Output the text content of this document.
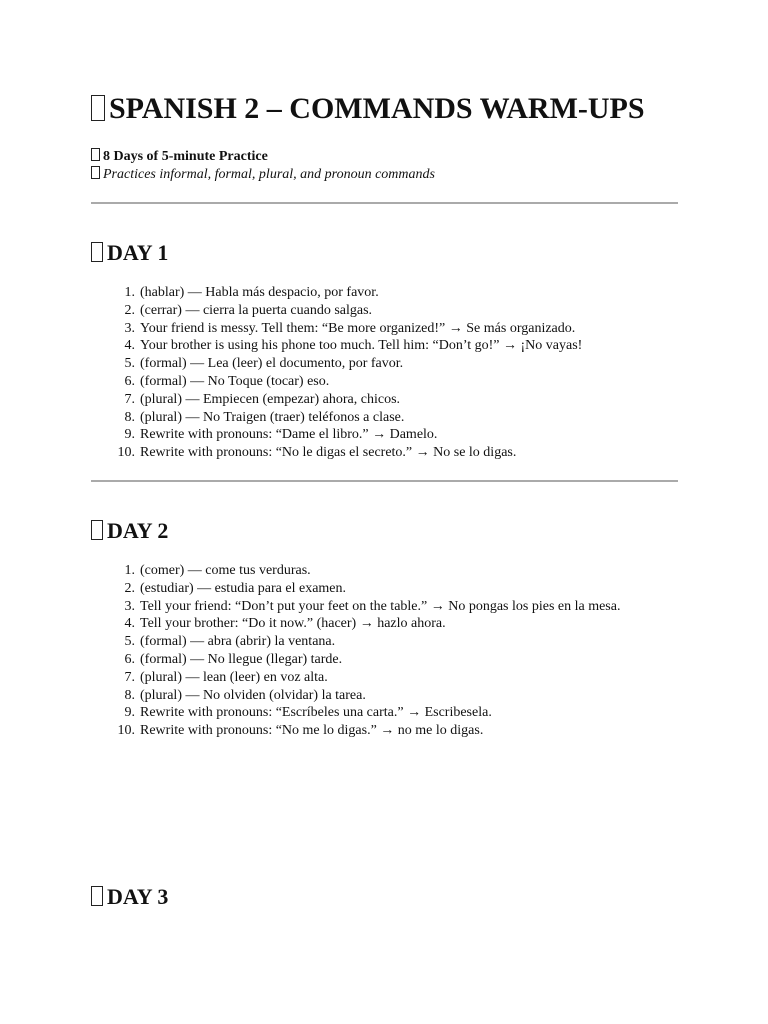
SPANISH 2 – COMMANDS WARM-UPS
8 Days of 5-minute Practice
Practices informal, formal, plural, and pronoun commands
DAY 1
1. (hablar) — Habla más despacio, por favor.
2. (cerrar) — cierra la puerta cuando salgas.
3. Your friend is messy. Tell them: “Be more organized!” → Se más organizado.
4. Your brother is using his phone too much. Tell him: “Don’t go!” → ¡No vayas!
5. (formal) — Lea (leer) el documento, por favor.
6. (formal) — No Toque (tocar) eso.
7. (plural) — Empiecen (empezar) ahora, chicos.
8. (plural) — No Traigen (traer) teléfonos a clase.
9. Rewrite with pronouns: “Dame el libro.” → Damelo.
10. Rewrite with pronouns: “No le digas el secreto.” → No se lo digas.
DAY 2
1. (comer) — come tus verduras.
2. (estudiar) — estudia para el examen.
3. Tell your friend: “Don’t put your feet on the table.” → No pongas los pies en la mesa.
4. Tell your brother: “Do it now.” (hacer) → hazlo ahora.
5. (formal) — abra (abrir) la ventana.
6. (formal) — No llegue (llegar) tarde.
7. (plural) — lean (leer) en voz alta.
8. (plural) — No olviden (olvidar) la tarea.
9. Rewrite with pronouns: “Escríbeles una carta.” → Escribesela.
10. Rewrite with pronouns: “No me lo digas.” → no me lo digas.
DAY 3
